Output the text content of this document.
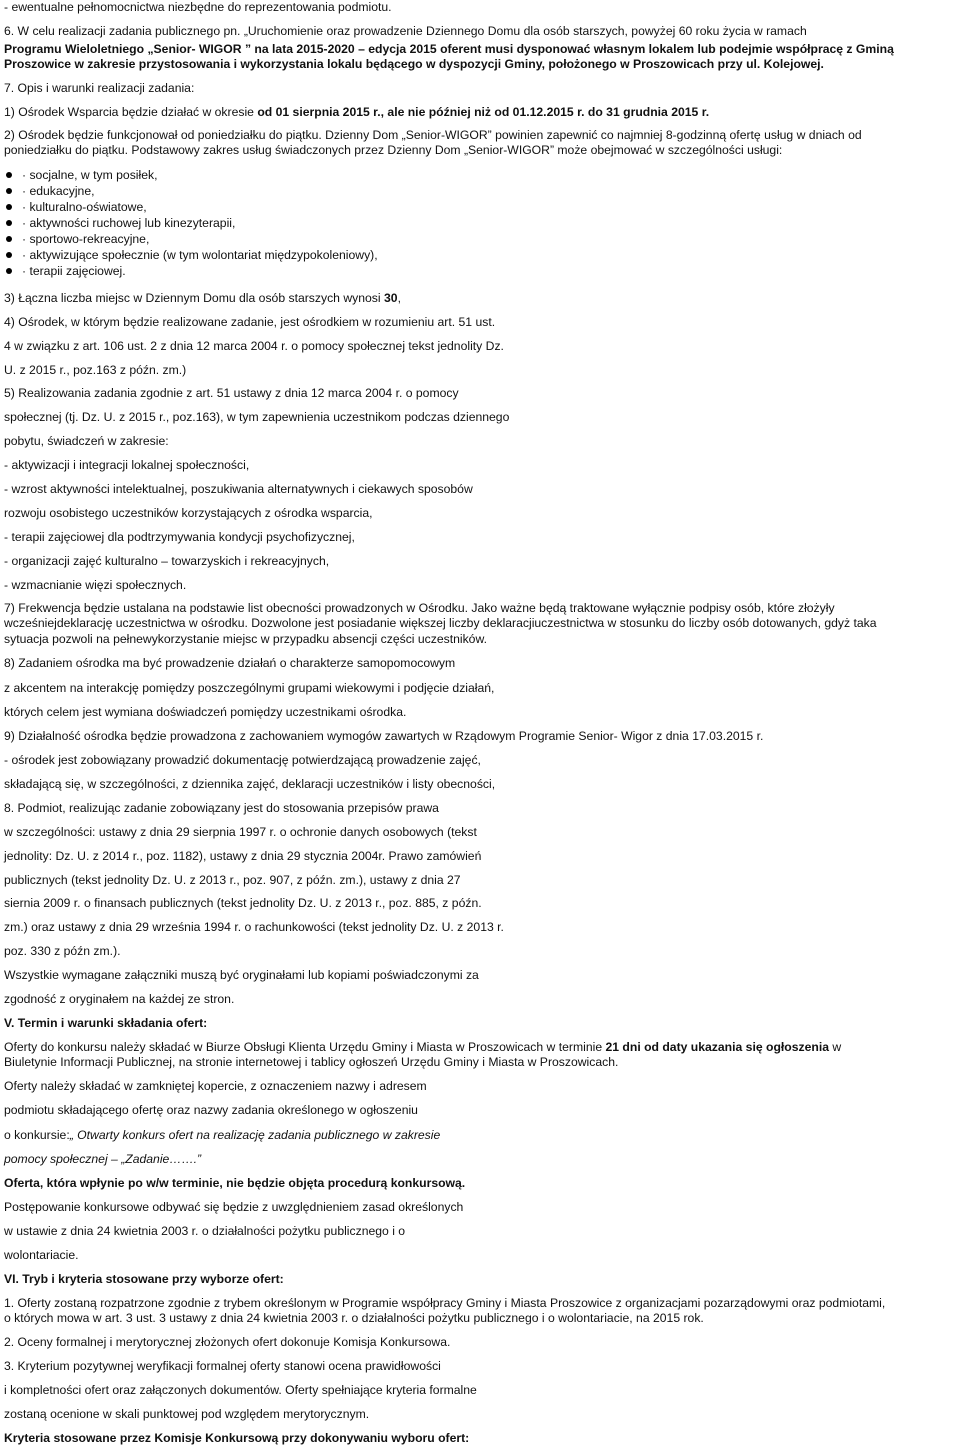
- ewentualne pełnomocnictwa niezbędne do reprezentowania podmiotu.
6. W celu realizacji zadania publicznego pn. „Uruchomienie oraz prowadzenie Dziennego Domu dla osób starszych, powyżej 60 roku życia w ramach
Programu Wieloletniego „Senior- WIGOR ” na lata 2015-2020 – edycja 2015 oferent musi dysponować własnym lokalem lub podejmie współpracę z Gminą
Proszowice w zakresie przystosowania i wykorzystania lokalu będącego w dyspozycji Gminy, położonego w Proszowicach przy ul. Kolejowej.
7. Opis i warunki realizacji zadania:
1) Ośrodek Wsparcia będzie działać w okresie od 01 sierpnia 2015 r., ale nie później niż od 01.12.2015 r. do 31 grudnia 2015 r.
2) Ośrodek będzie funkcjonował od poniedziałku do piątku. Dzienny Dom „Senior-WIGOR” powinien zapewnić co najmniej 8-godzinną ofertę usług w dniach od
poniedziałku do piątku. Podstawowy zakres usług świadczonych przez Dzienny Dom „Senior-WIGOR” może obejmować w szczególności usługi:
· socjalne, w tym posiłek,
· edukacyjne,
· kulturalno-oświatowe,
· aktywności ruchowej lub kinezyterapii,
· sportowo-rekreacyjne,
· aktywizujące społecznie (w tym wolontariat międzypokoleniowy),
· terapii zajęciowej.
3) Łączna liczba miejsc w Dziennym Domu dla osób starszych wynosi 30,
4) Ośrodek, w którym będzie realizowane zadanie, jest ośrodkiem w rozumieniu art. 51 ust.
4 w związku z art. 106 ust. 2 z dnia 12 marca 2004 r. o pomocy społecznej tekst jednolity Dz.
U. z 2015 r., poz.163 z późn. zm.)
5) Realizowania zadania zgodnie z art. 51 ustawy z dnia 12 marca 2004 r. o pomocy
społecznej (tj. Dz. U. z 2015 r., poz.163), w tym zapewnienia uczestnikom podczas dziennego
pobytu, świadczeń w zakresie:
- aktywizacji i integracji lokalnej społeczności,
- wzrost aktywności intelektualnej, poszukiwania alternatywnych i ciekawych sposobów
rozwoju osobistego uczestników korzystających z ośrodka wsparcia,
- terapii zajęciowej dla podtrzymywania kondycji psychofizycznej,
- organizacji zajęć kulturalno – towarzyskich i rekreacyjnych,
- wzmacnianie więzi społecznych.
7) Frekwencja będzie ustalana na podstawie list obecności prowadzonych w Ośrodku. Jako ważne będą traktowane wyłącznie podpisy osób, które złożyły
wcześniejdeklarację uczestnictwa w ośrodku. Dozwolone jest posiadanie większej liczby deklaracjiuczestnictwa w stosunku do liczby osób dotowanych, gdyż taka
sytuacja pozwoli na pełnewykorzystanie miejsc w przypadku absencji części uczestników.
8) Zadaniem ośrodka ma być prowadzenie działań o charakterze samopomocowym
z akcentem na interakcję pomiędzy poszczególnymi grupami wiekowymi i podjęcie działań,
których celem jest wymiana doświadczeń pomiędzy uczestnikami ośrodka.
9) Działalność ośrodka będzie prowadzona z zachowaniem wymogów zawartych w Rządowym Programie Senior- Wigor z dnia 17.03.2015 r.
- ośrodek jest zobowiązany prowadzić dokumentację potwierdzającą prowadzenie zajęć,
składającą się, w szczególności, z dziennika zajęć, deklaracji uczestników i listy obecności,
8. Podmiot, realizując zadanie zobowiązany jest do stosowania przepisów prawa
w szczególności: ustawy z dnia 29 sierpnia 1997 r. o ochronie danych osobowych (tekst
jednolity: Dz. U. z 2014 r., poz. 1182), ustawy z dnia 29 stycznia 2004r. Prawo zamówień
publicznych (tekst jednolity Dz. U. z 2013 r., poz. 907, z późn. zm.), ustawy z dnia 27
siernia 2009 r. o finansach publicznych (tekst jednolity Dz. U. z 2013 r., poz. 885, z późn.
zm.) oraz ustawy z dnia 29 września 1994 r. o rachunkowości (tekst jednolity Dz. U. z 2013 r.
poz. 330 z późn zm.).
Wszystkie wymagane załączniki muszą być oryginałami lub kopiami poświadczonymi za
zgodność z oryginałem na każdej ze stron.
V. Termin i warunki składania ofert:
Oferty do konkursu należy składać w Biurze Obsługi Klienta Urzędu Gminy i Miasta w Proszowicach w terminie 21 dni od daty ukazania się ogłoszenia w
Biuletynie Informacji Publicznej, na stronie internetowej i tablicy ogłoszeń Urzędu Gminy i Miasta w Proszowicach.
Oferty należy składać w zamkniętej kopercie, z oznaczeniem nazwy i adresem
podmiotu składającego ofertę oraz nazwy zadania określonego w ogłoszeniu
o konkursie:„ Otwarty konkurs ofert na realizację zadania publicznego w zakresie
pomocy społecznej – „Zadanie…….”
Oferta, która wpłynie po w/w terminie, nie będzie objęta procedurą konkursową.
Postępowanie konkursowe odbywać się będzie z uwzględnieniem zasad określonych
w ustawie z dnia 24 kwietnia 2003 r. o działalności pożytku publicznego i o
wolontariacie.
VI. Tryb i kryteria stosowane przy wyborze ofert:
1. Oferty zostaną rozpatrzone zgodnie z trybem określonym w Programie współpracy Gminy i Miasta Proszowice z organizacjami pozarządowymi oraz podmiotami,
o których mowa w art. 3 ust. 3 ustawy z dnia 24 kwietnia 2003 r. o działalności pożytku publicznego i o wolontariacie, na 2015 rok.
2. Oceny formalnej i merytorycznej złożonych ofert dokonuje Komisja Konkursowa.
3. Kryterium pozytywnej weryfikacji formalnej oferty stanowi ocena prawidłowości
i kompletności ofert oraz załączonych dokumentów. Oferty spełniające kryteria formalne
zostaną ocenione w skali punktowej pod względem merytorycznym.
Kryteria stosowane przez Komisje Konkursową przy dokonywaniu wyboru ofert:
